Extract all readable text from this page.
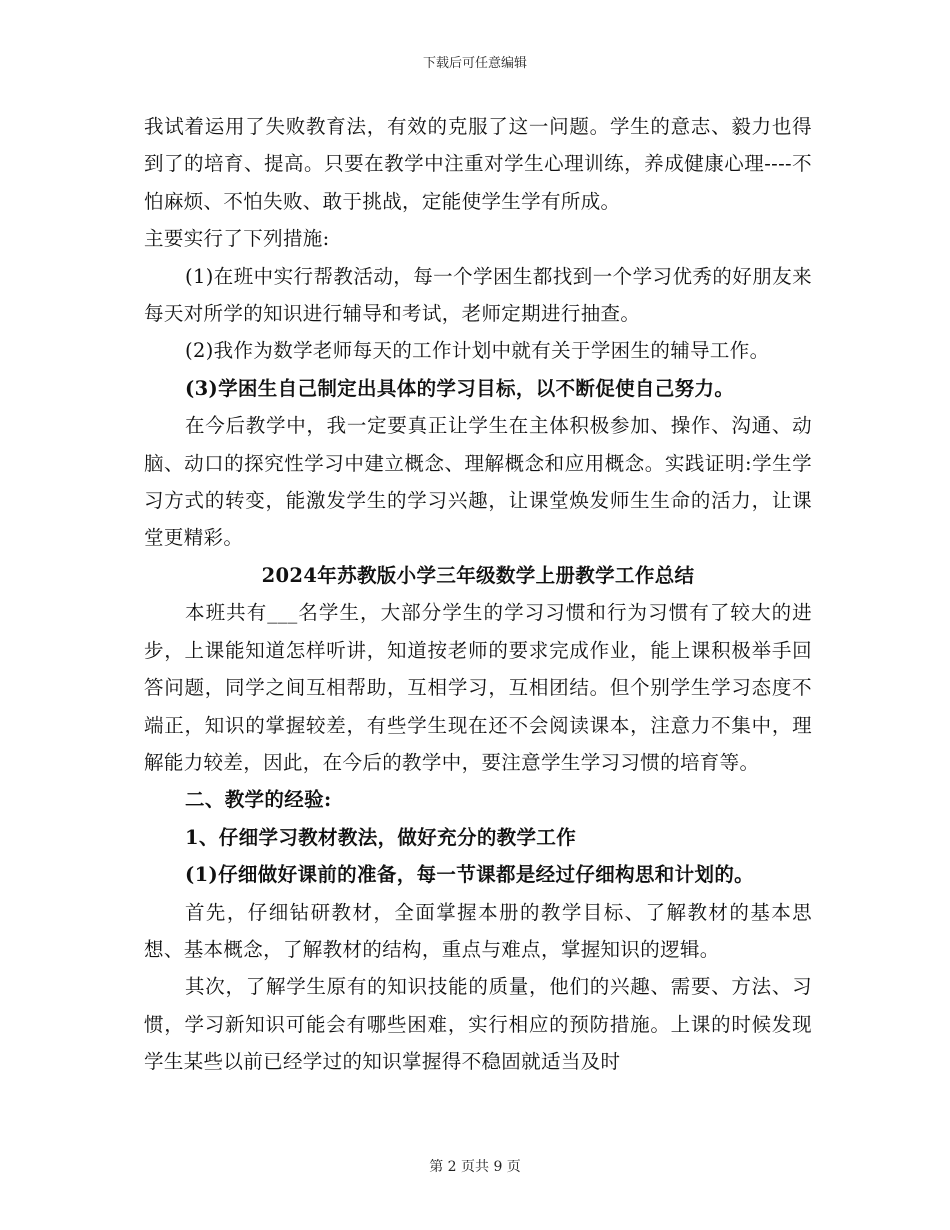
下载后可任意编辑

我试着运用了失败教育法，有效的克服了这一问题。学生的意志、毅力也得到了的培育、提高。只要在教学中注重对学生心理训练，养成健康心理----不怕麻烦、不怕失败、敢于挑战，定能使学生学有所成。

主要实行了下列措施:

(1)在班中实行帮教活动，每一个学困生都找到一个学习优秀的好朋友来每天对所学的知识进行辅导和考试，老师定期进行抽查。

(2)我作为数学老师每天的工作计划中就有关于学困生的辅导工作。

(3)学困生自己制定出具体的学习目标，以不断促使自己努力。

在今后教学中，我一定要真正让学生在主体积极参加、操作、沟通、动脑、动口的探究性学习中建立概念、理解概念和应用概念。实践证明:学生学习方式的转变，能激发学生的学习兴趣，让课堂焕发师生生命的活力，让课堂更精彩。

2024年苏教版小学三年级数学上册教学工作总结

本班共有___名学生，大部分学生的学习习惯和行为习惯有了较大的进步，上课能知道怎样听讲，知道按老师的要求完成作业，能上课积极举手回答问题，同学之间互相帮助，互相学习，互相团结。但个别学生学习态度不端正，知识的掌握较差，有些学生现在还不会阅读课本，注意力不集中，理解能力较差，因此，在今后的教学中，要注意学生学习习惯的培育等。

二、教学的经验:

1、仔细学习教材教法，做好充分的教学工作

(1)仔细做好课前的准备，每一节课都是经过仔细构思和计划的。

首先，仔细钻研教材，全面掌握本册的教学目标、了解教材的基本思想、基本概念，了解教材的结构，重点与难点，掌握知识的逻辑。

其次，了解学生原有的知识技能的质量，他们的兴趣、需要、方法、习惯，学习新知识可能会有哪些困难，实行相应的预防措施。上课的时候发现学生某些以前已经学过的知识掌握得不稳固就适当及时

第 2 页共 9 页
